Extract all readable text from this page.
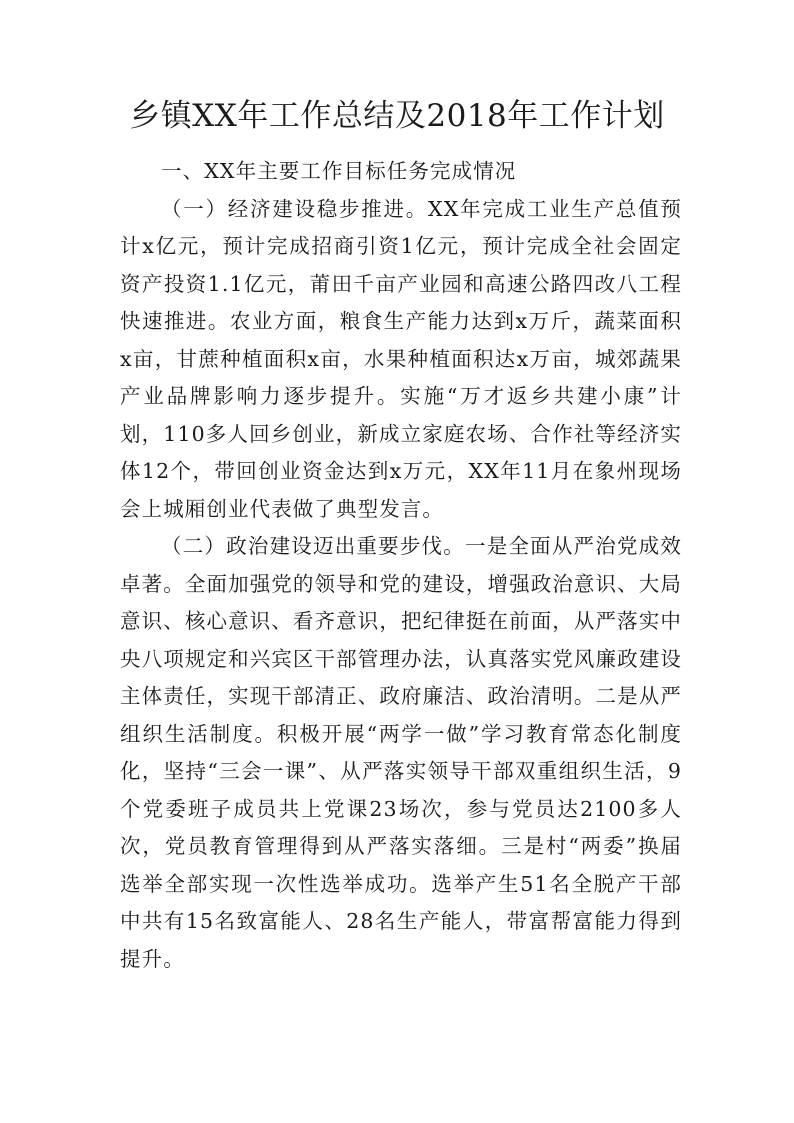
乡镇XX年工作总结及2018年工作计划

一、XX年主要工作目标任务完成情况

（一）经济建设稳步推进。XX年完成工业生产总值预计x亿元，预计完成招商引资1亿元，预计完成全社会固定资产投资1.1亿元，莆田千亩产业园和高速公路四改八工程快速推进。农业方面，粮食生产能力达到x万斤，蔬菜面积x亩，甘蔗种植面积x亩，水果种植面积达x万亩，城郊蔬果产业品牌影响力逐步提升。实施“万才返乡共建小康”计划，110多人回乡创业，新成立家庭农场、合作社等经济实体12个，带回创业资金达到x万元，XX年11月在象州现场会上城厢创业代表做了典型发言。

（二）政治建设迈出重要步伐。一是全面从严治党成效卓著。全面加强党的领导和党的建设，增强政治意识、大局意识、核心意识、看齐意识，把纪律挺在前面，从严落实中央八项规定和兴宾区干部管理办法，认真落实党风廉政建设主体责任，实现干部清正、政府廉洁、政治清明。二是从严组织生活制度。积极开展“两学一做”学习教育常态化制度化，坚持“三会一课”、从严落实领导干部双重组织生活，9个党委班子成员共上党课23场次，参与党员达2100多人次，党员教育管理得到从严落实落细。三是村“两委”换届选举全部实现一次性选举成功。选举产生51名全脱产干部中共有15名致富能人、28名生产能人，带富帮富能力得到提升。
